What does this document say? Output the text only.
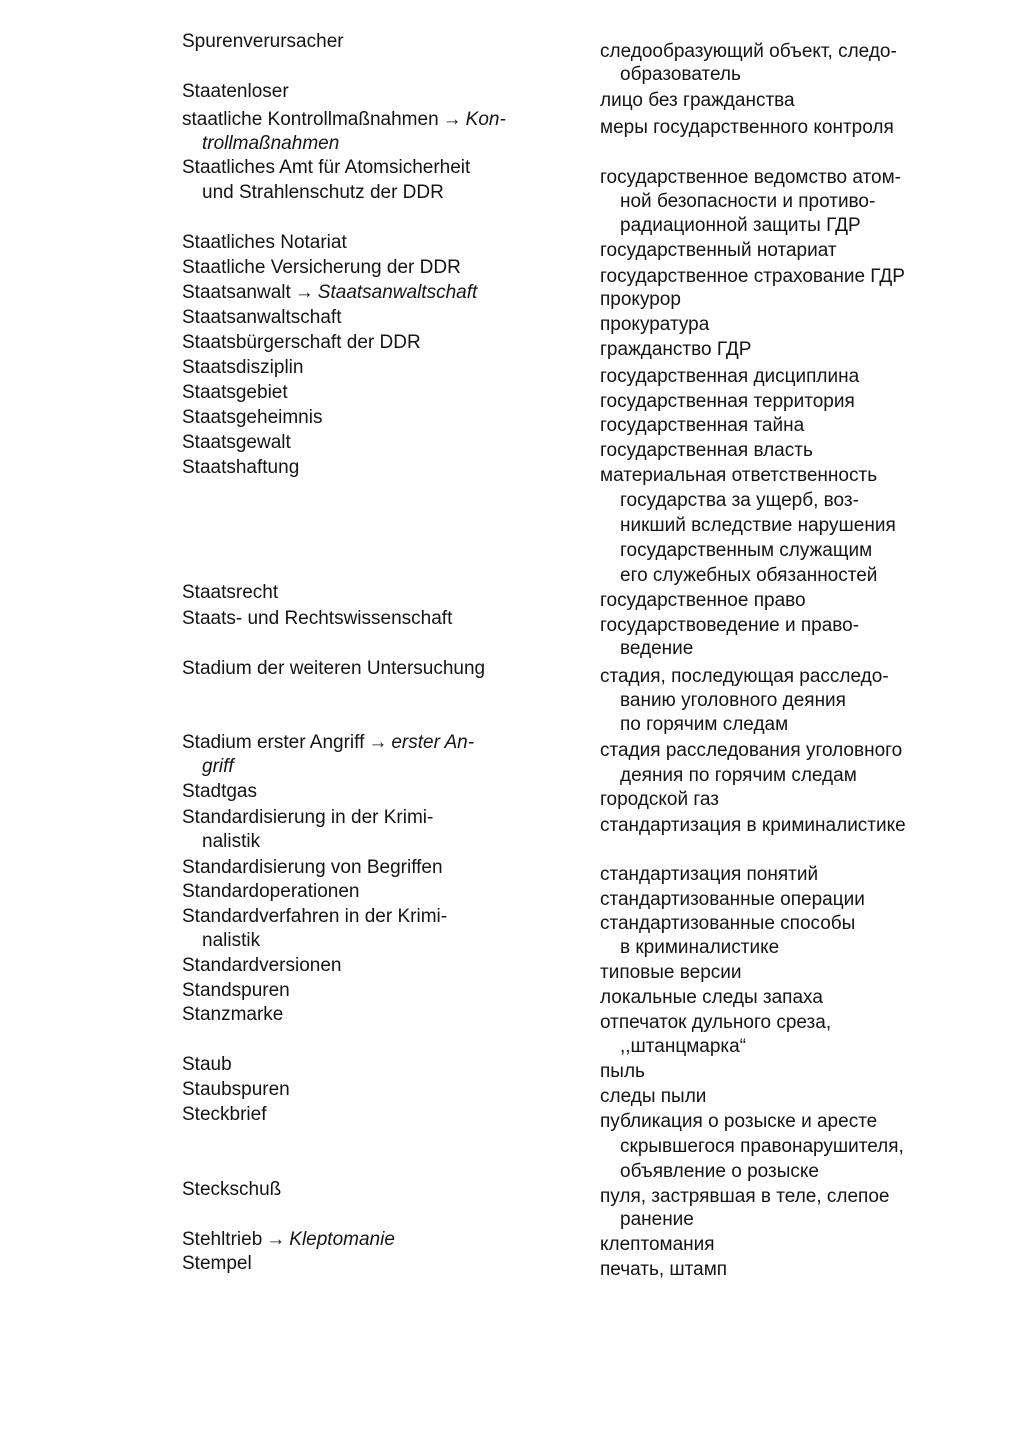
Spurenverursacher
Staatenloser
staatliche Kontrollmaßnahmen → Kon-
trollmaßnahmen
Staatliches Amt für Atomsicherheit
und Strahlenschutz der DDR
Staatliches Notariat
Staatliche Versicherung der DDR
Staatsanwalt → Staatsanwaltschaft
Staatsanwaltschaft
Staatsbürgerschaft der DDR
Staatsdisziplin
Staatsgebiet
Staatsgeheimnis
Staatsgewalt
Staatshaftung
Staatsrecht
Staats- und Rechtswissenschaft
Stadium der weiteren Untersuchung
Stadium erster Angriff → erster An-
griff
Stadtgas
Standardisierung in der Krimi-
nalistik
Standardisierung von Begriffen
Standardoperationen
Standardverfahren in der Krimi-
nalistik
Standardversionen
Standspuren
Stanzmarke
Staub
Staubspuren
Steckbrief
Steckschuß
Stehltrieb → Kleptomanie
Stempel
следообразующий объект, следо-
образователь
лицо без гражданства
меры государственного контроля
государственное ведомство атом-
ной безопасности и противо-
радиационной защиты ГДР
государственный нотариат
государственное страхование ГДР
прокурор
прокуратура
гражданство ГДР
государственная дисциплина
государственная территория
государственная тайна
государственная власть
материальная ответственность
государства за ущерб, воз-
никший вследствие нарушения
государственным служащим
его служебных обязанностей
государственное право
государствоведение и право-
ведение
стадия, последующая расследо-
ванию уголовного деяния
по горячим следам
стадия расследования уголовного
деяния по горячим следам
городской газ
стандартизация в криминалистике
стандартизация понятий
стандартизованные операции
стандартизованные способы
в криминалистике
типовые версии
локальные следы запаха
отпечаток дульного среза,
,,штанцмарка“
пыль
следы пыли
публикация о розыске и аресте
скрывшегося правонарушителя,
объявление о розыске
пуля, застрявшая в теле, слепое
ранение
клептомания
печать, штамп
